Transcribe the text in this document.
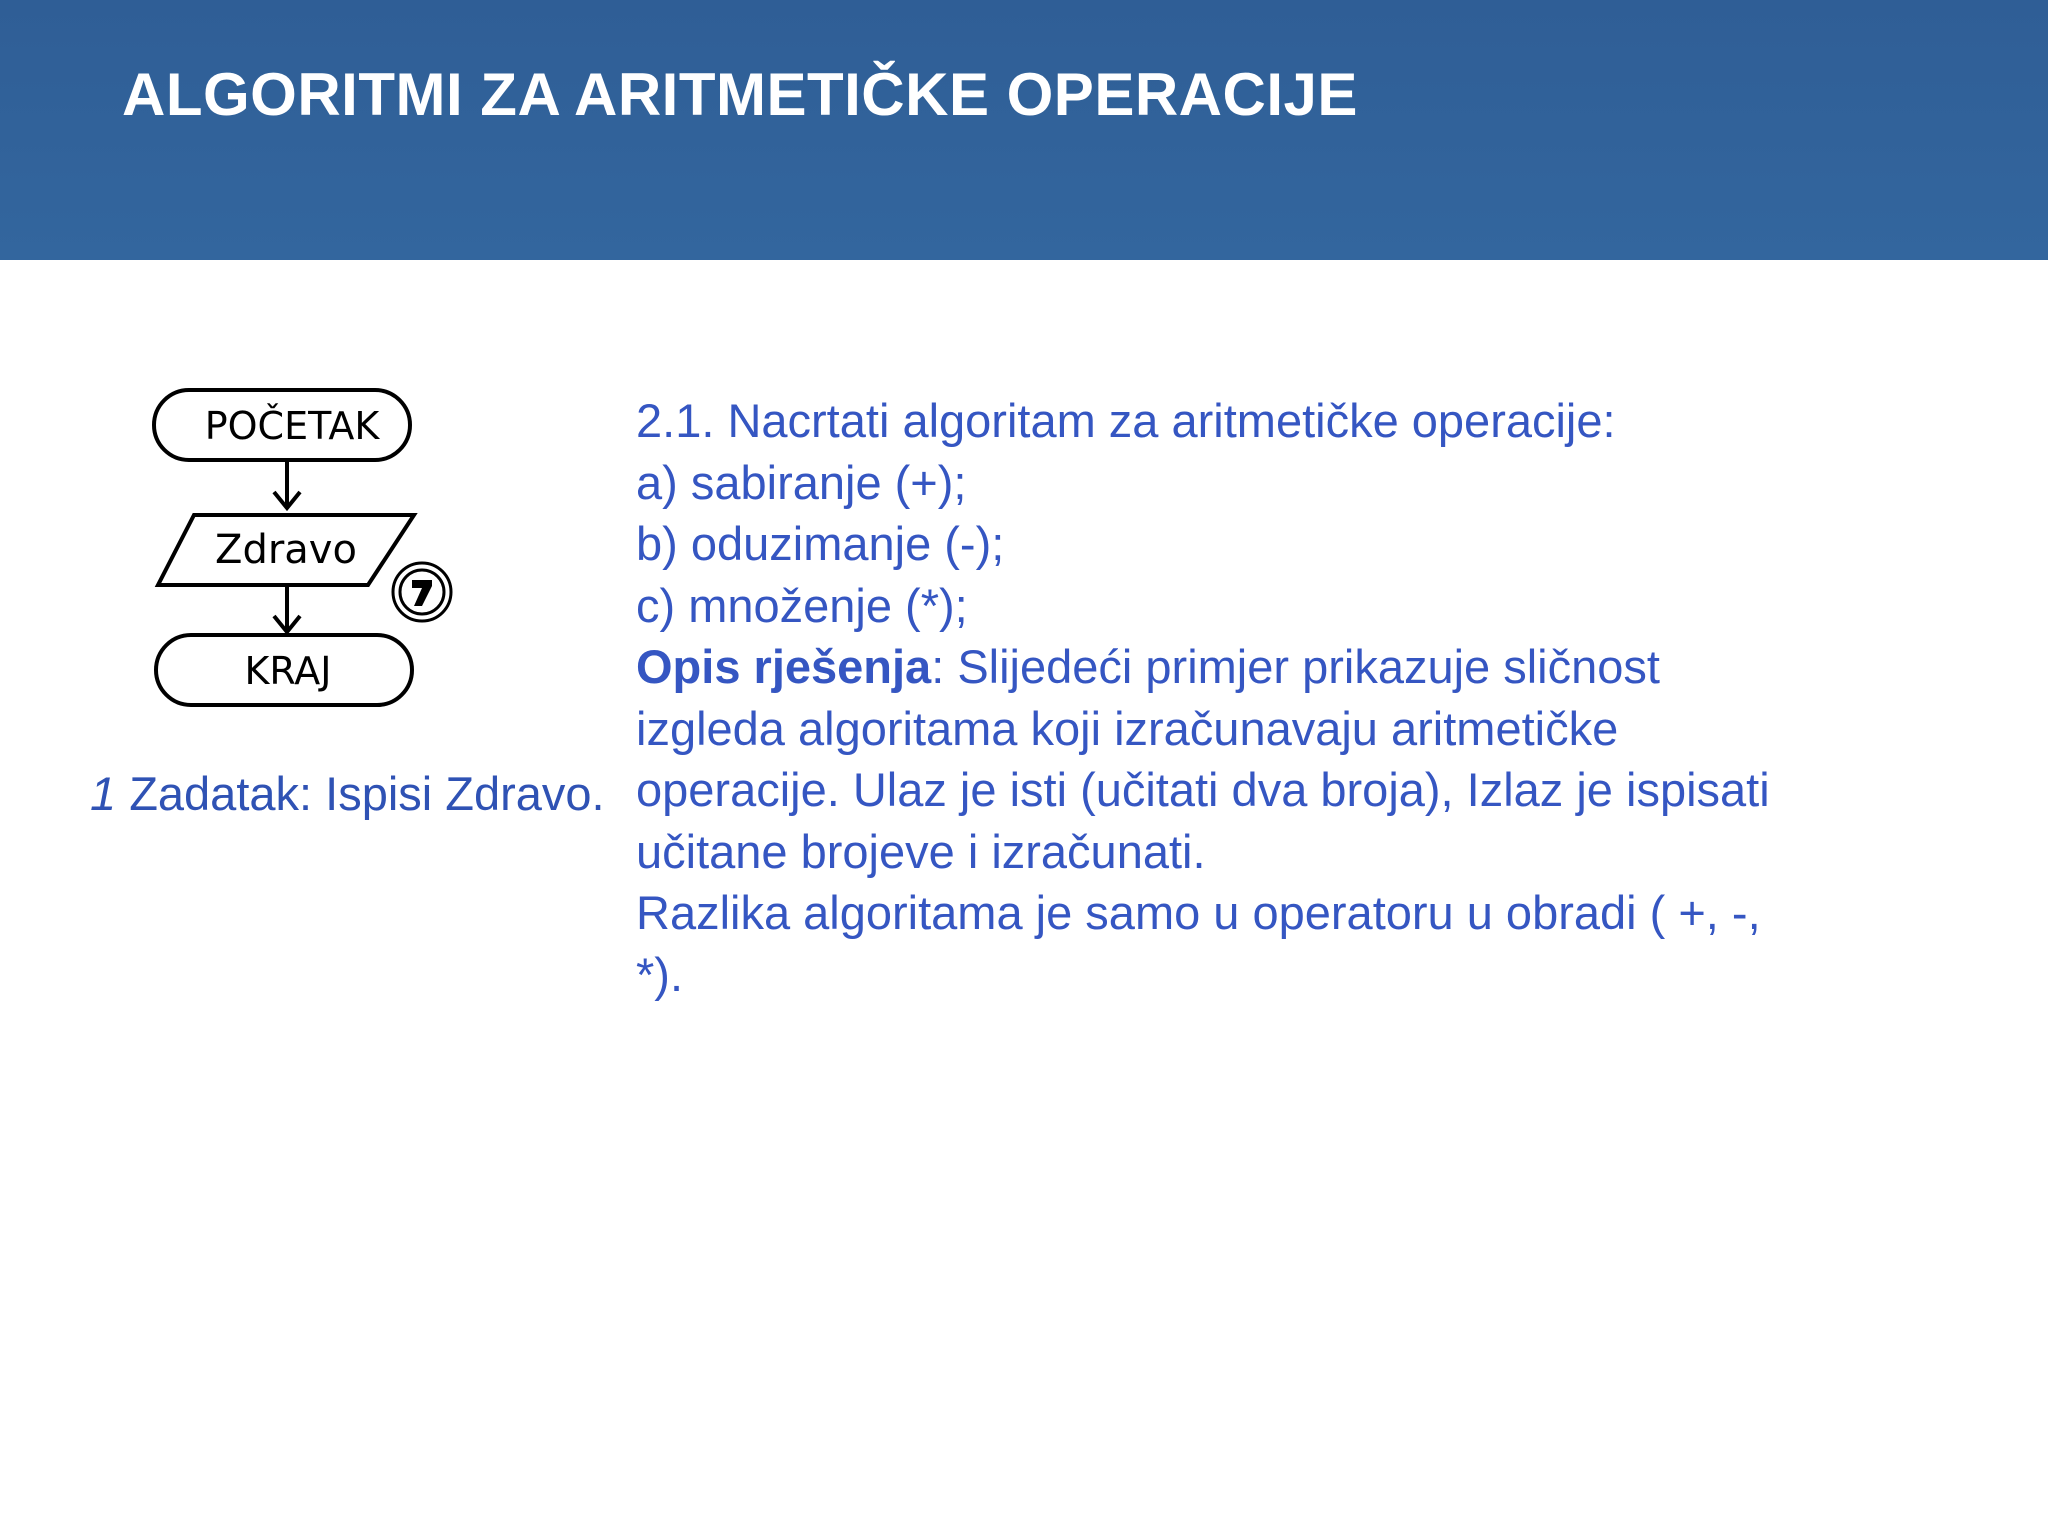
ALGORITMI ZA ARITMETIČKE OPERACIJE
POČETAK
Zdravo
KRAJ
1 Zadatak: Ispisi Zdravo.
2.1. Nacrtati algoritam za aritmetičke operacije:
a) sabiranje (+);
b) oduzimanje (-);
c) množenje (*);
Opis rješenja: Slijedeći primjer prikazuje sličnost
izgleda algoritama koji izračunavaju aritmetičke
operacije. Ulaz je isti (učitati dva broja), Izlaz je ispisati
učitane brojeve i izračunati.
Razlika algoritama je samo u operatoru u obradi ( +, -,
*).
